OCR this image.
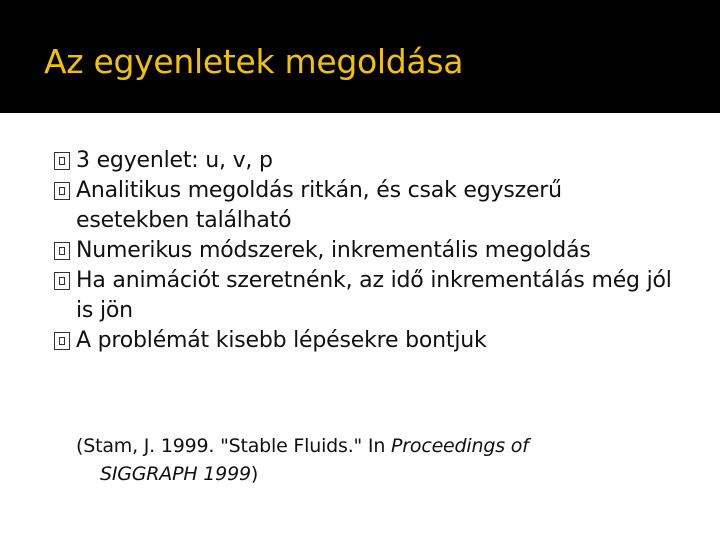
Az egyenletek megoldása
3 egyenlet: u, v, p
Analitikus megoldás ritkán, és csak egyszerű esetekben található
Numerikus módszerek, inkrementális megoldás
Ha animációt szeretnénk, az idő inkrementálás még jól is jön
A problémát kisebb lépésekre bontjuk
(Stam, J. 1999. "Stable Fluids." In Proceedings of
SIGGRAPH 1999)
